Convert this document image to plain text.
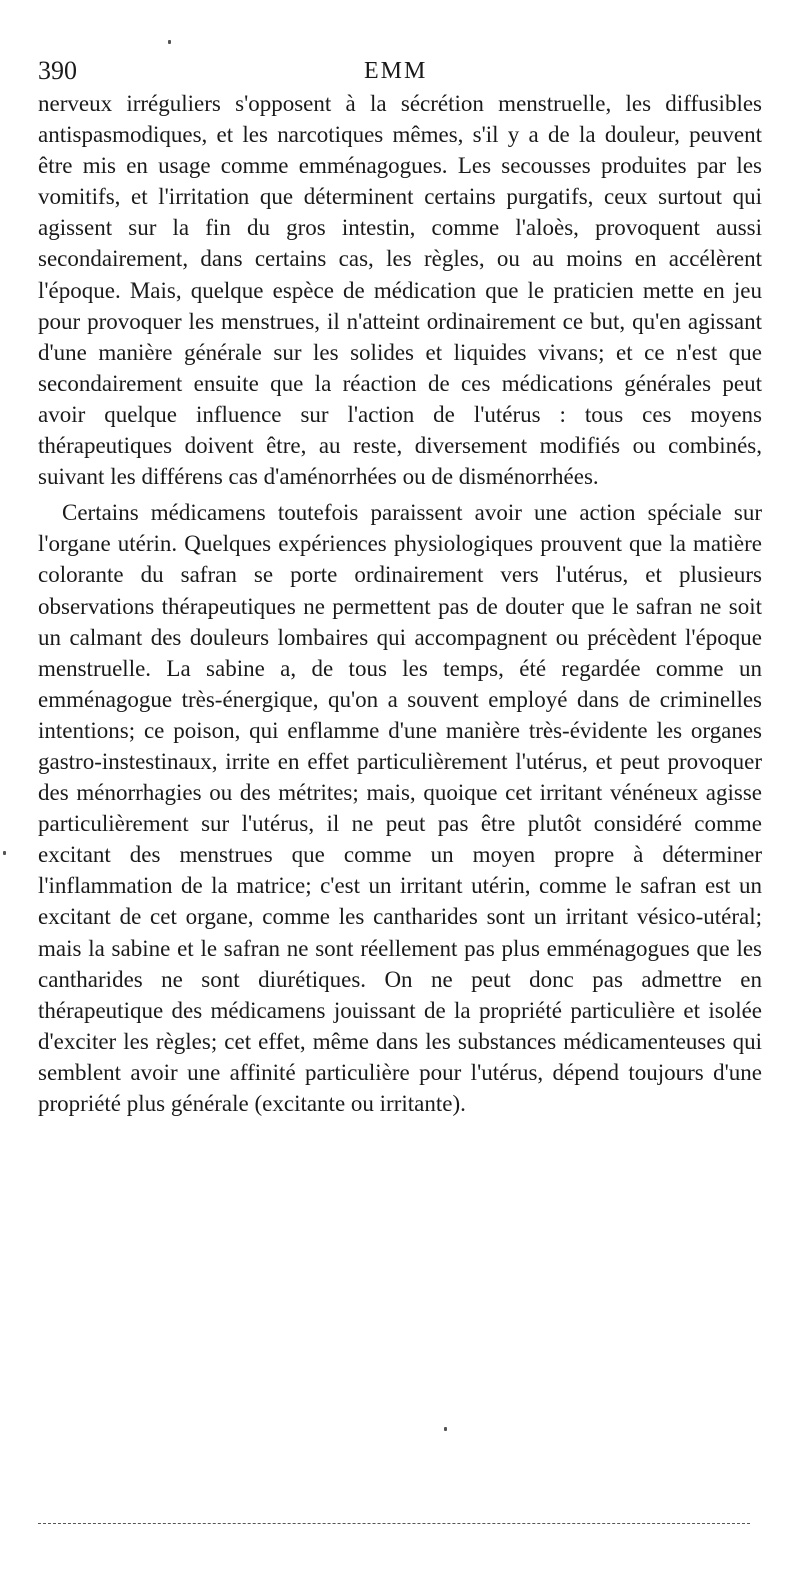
390	EMM

nerveux irréguliers s'opposent à la sécrétion menstruelle, les diffusibles antispasmodiques, et les narcotiques mêmes, s'il y a de la douleur, peuvent être mis en usage comme emménagogues. Les secousses produites par les vomitifs, et l'irritation que déterminent certains purgatifs, ceux surtout qui agissent sur la fin du gros intestin, comme l'aloès, provoquent aussi secondairement, dans certains cas, les règles, ou au moins en accélèrent l'époque. Mais, quelque espèce de médication que le praticien mette en jeu pour provoquer les menstrues, il n'atteint ordinairement ce but, qu'en agissant d'une manière générale sur les solides et liquides vivans; et ce n'est que secondairement ensuite que la réaction de ces médications générales peut avoir quelque influence sur l'action de l'utérus : tous ces moyens thérapeutiques doivent être, au reste, diversement modifiés ou combinés, suivant les différens cas d'aménorrhées ou de disménorrhées.

Certains médicamens toutefois paraissent avoir une action spéciale sur l'organe utérin. Quelques expériences physiologiques prouvent que la matière colorante du safran se porte ordinairement vers l'utérus, et plusieurs observations thérapeutiques ne permettent pas de douter que le safran ne soit un calmant des douleurs lombaires qui accompagnent ou précèdent l'époque menstruelle. La sabine a, de tous les temps, été regardée comme un emménagogue très-énergique, qu'on a souvent employé dans de criminelles intentions; ce poison, qui enflamme d'une manière très-évidente les organes gastro-instestinaux, irrite en effet particulièrement l'utérus, et peut provoquer des ménorrhagies ou des métrites; mais, quoique cet irritant vénéneux agisse particulièrement sur l'utérus, il ne peut pas être plutôt considéré comme excitant des menstrues que comme un moyen propre à déterminer l'inflammation de la matrice; c'est un irritant utérin, comme le safran est un excitant de cet organe, comme les cantharides sont un irritant vésico-utéral; mais la sabine et le safran ne sont réellement pas plus emménagogues que les cantharides ne sont diurétiques. On ne peut donc pas admettre en thérapeutique des médicamens jouissant de la propriété particulière et isolée d'exciter les règles; cet effet, même dans les substances médicamenteuses qui semblent avoir une affinité particulière pour l'utérus, dépend toujours d'une propriété plus générale (excitante ou irritante).
